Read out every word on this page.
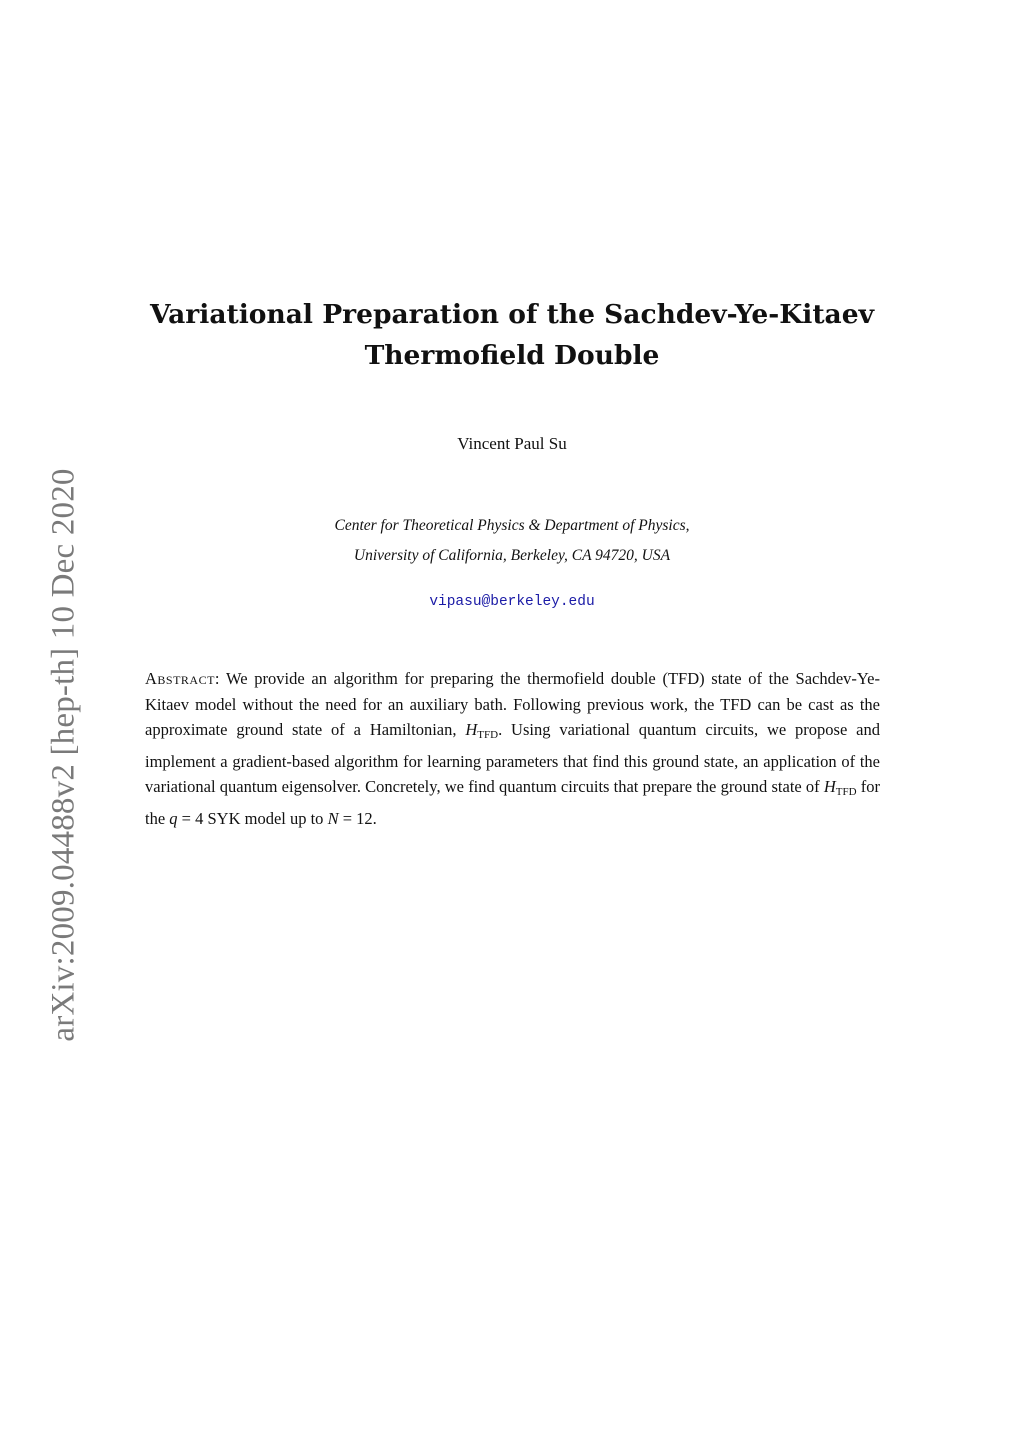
arXiv:2009.04488v2 [hep-th] 10 Dec 2020
Variational Preparation of the Sachdev-Ye-Kitaev
Thermofield Double
Vincent Paul Su
Center for Theoretical Physics & Department of Physics,
University of California, Berkeley, CA 94720, USA
vipasu@berkeley.edu
Abstract: We provide an algorithm for preparing the thermofield double (TFD) state of the Sachdev-Ye-Kitaev model without the need for an auxiliary bath. Following previous work, the TFD can be cast as the approximate ground state of a Hamiltonian, $H_{TFD}$. Using variational quantum circuits, we propose and implement a gradient-based algorithm for learning parameters that find this ground state, an application of the variational quantum eigensolver. Concretely, we find quantum circuits that prepare the ground state of $H_{TFD}$ for the q = 4 SYK model up to N = 12.
